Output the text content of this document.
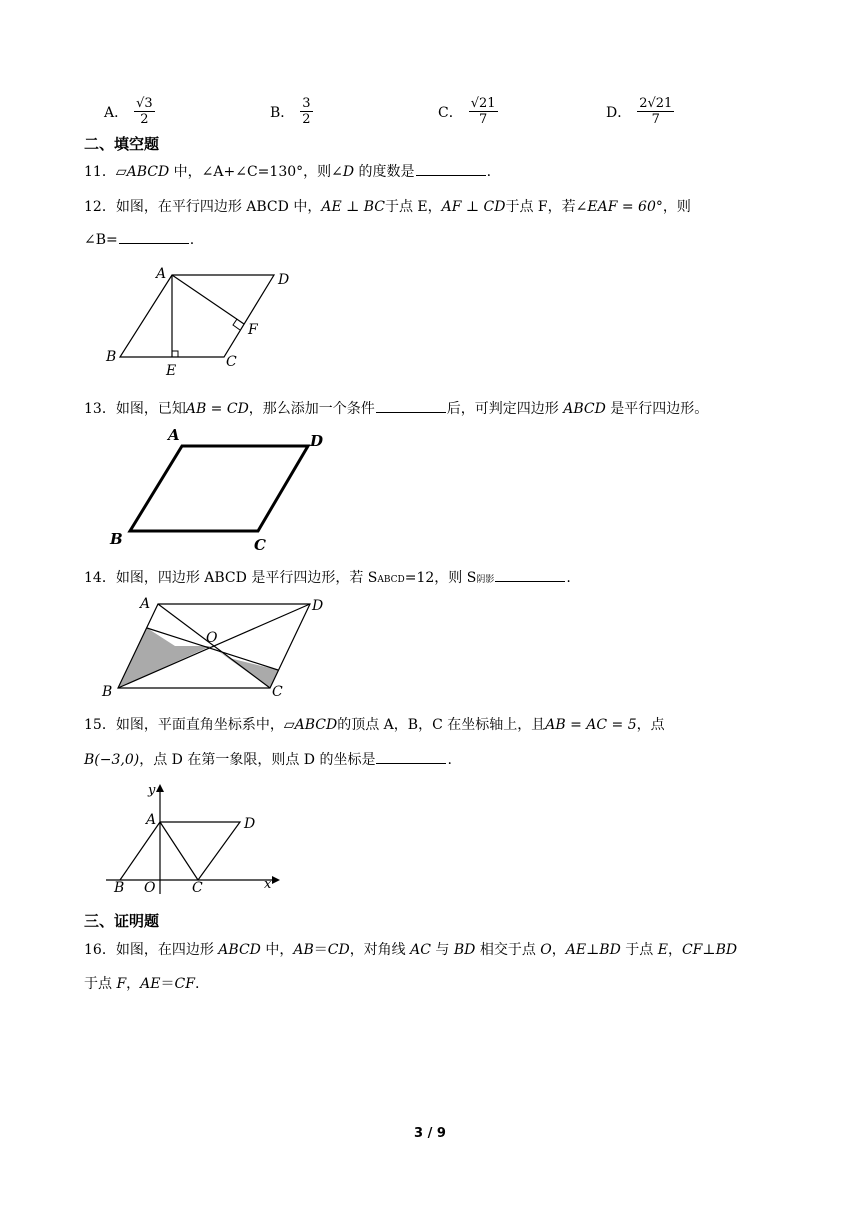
A． $\frac{√3}{2}$	B． $\frac{3}{2}$	C． $\frac{√21}{7}$	D． $\frac{2√21}{7}$
二、填空题
11．▱ABCD 中，∠A+∠C=130°，则∠D 的度数是	.
12．如图，在平行四边形 ABCD 中，AE ⊥ BC于点 E，AF ⊥ CD于点 F，若∠EAF = 60°，则
∠B=	.
A	D
B	C
E
F
13．如图，已知AB = CD，那么添加一个条件	后，可判定四边形 ABCD 是平行四边形。
A	D
B	C
14．如图，四边形 ABCD 是平行四边形，若 SABCD=12，则 S阴影	.
A	D
B	C
O
15．如图，平面直角坐标系中，▱ABCD的顶点 A，B，C 在坐标轴上，且AB = AC = 5，点
B(−3,0)，点 D 在第一象限，则点 D 的坐标是	.
y
A	D
B O	C	x
三、证明题
16．如图，在四边形 ABCD 中，AB＝CD，对角线 AC 与 BD 相交于点 O，AE⊥BD 于点 E，CF⊥BD
于点 F，AE＝CF.
3 / 9
